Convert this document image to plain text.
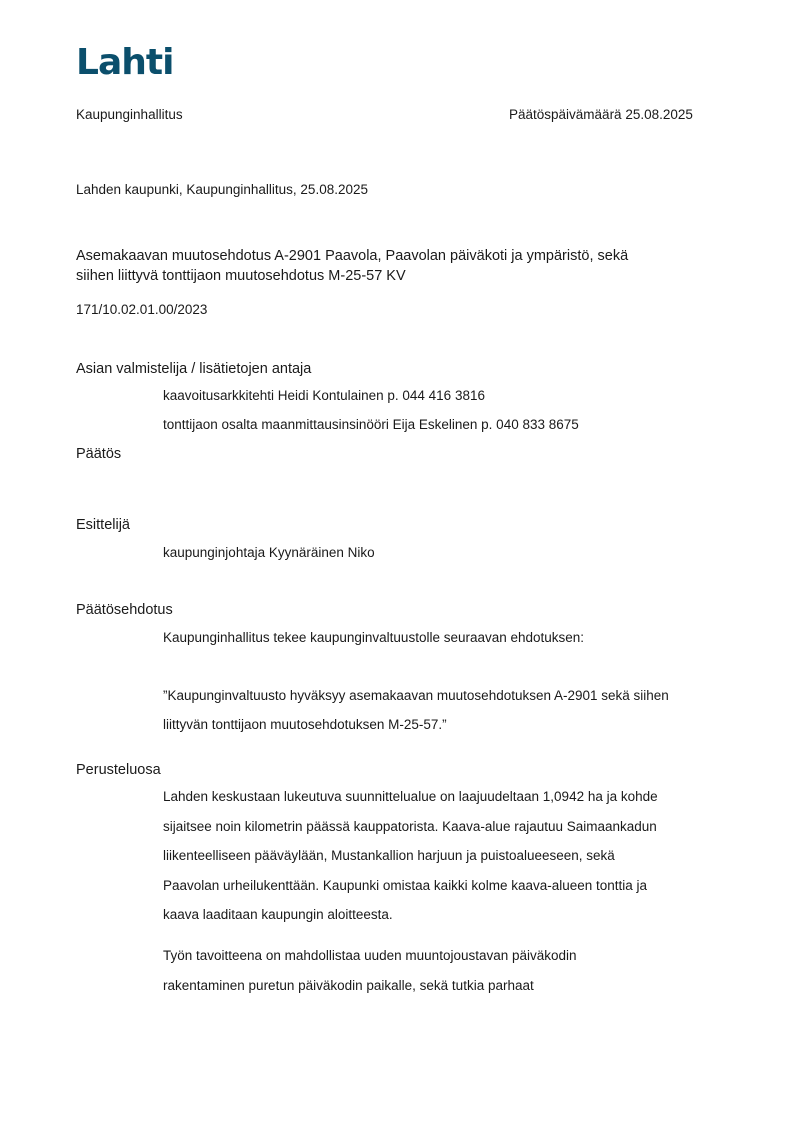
Lahti
Kaupunginhallitus	Päätöspäivämäärä 25.08.2025
Lahden kaupunki, Kaupunginhallitus, 25.08.2025
Asemakaavan muutosehdotus A-2901 Paavola, Paavolan päiväkoti ja ympäristö, sekä
siihen liittyvä tonttijaon muutosehdotus M-25-57 KV
171/10.02.01.00/2023
Asian valmistelija / lisätietojen antaja
kaavoitusarkkitehti Heidi Kontulainen p. 044 416 3816
tonttijaon osalta maanmittausinsinööri Eija Eskelinen p. 040 833 8675
Päätös
Esittelijä
kaupunginjohtaja Kyynäräinen Niko
Päätösehdotus
Kaupunginhallitus tekee kaupunginvaltuustolle seuraavan ehdotuksen:
”Kaupunginvaltuusto hyväksyy asemakaavan muutosehdotuksen A-2901 sekä siihen
liittyvän tonttijaon muutosehdotuksen M-25-57.”
Perusteluosa
Lahden keskustaan lukeutuva suunnittelualue on laajuudeltaan 1,0942 ha ja kohde
sijaitsee noin kilometrin päässä kauppatorista. Kaava-alue rajautuu Saimaankadun
liikenteelliseen pääväylään, Mustankallion harjuun ja puistoalueeseen, sekä
Paavolan urheilukenttään. Kaupunki omistaa kaikki kolme kaava-alueen tonttia ja
kaava laaditaan kaupungin aloitteesta.
Työn tavoitteena on mahdollistaa uuden muuntojoustavan päiväkodin
rakentaminen puretun päiväkodin paikalle, sekä tutkia parhaat
